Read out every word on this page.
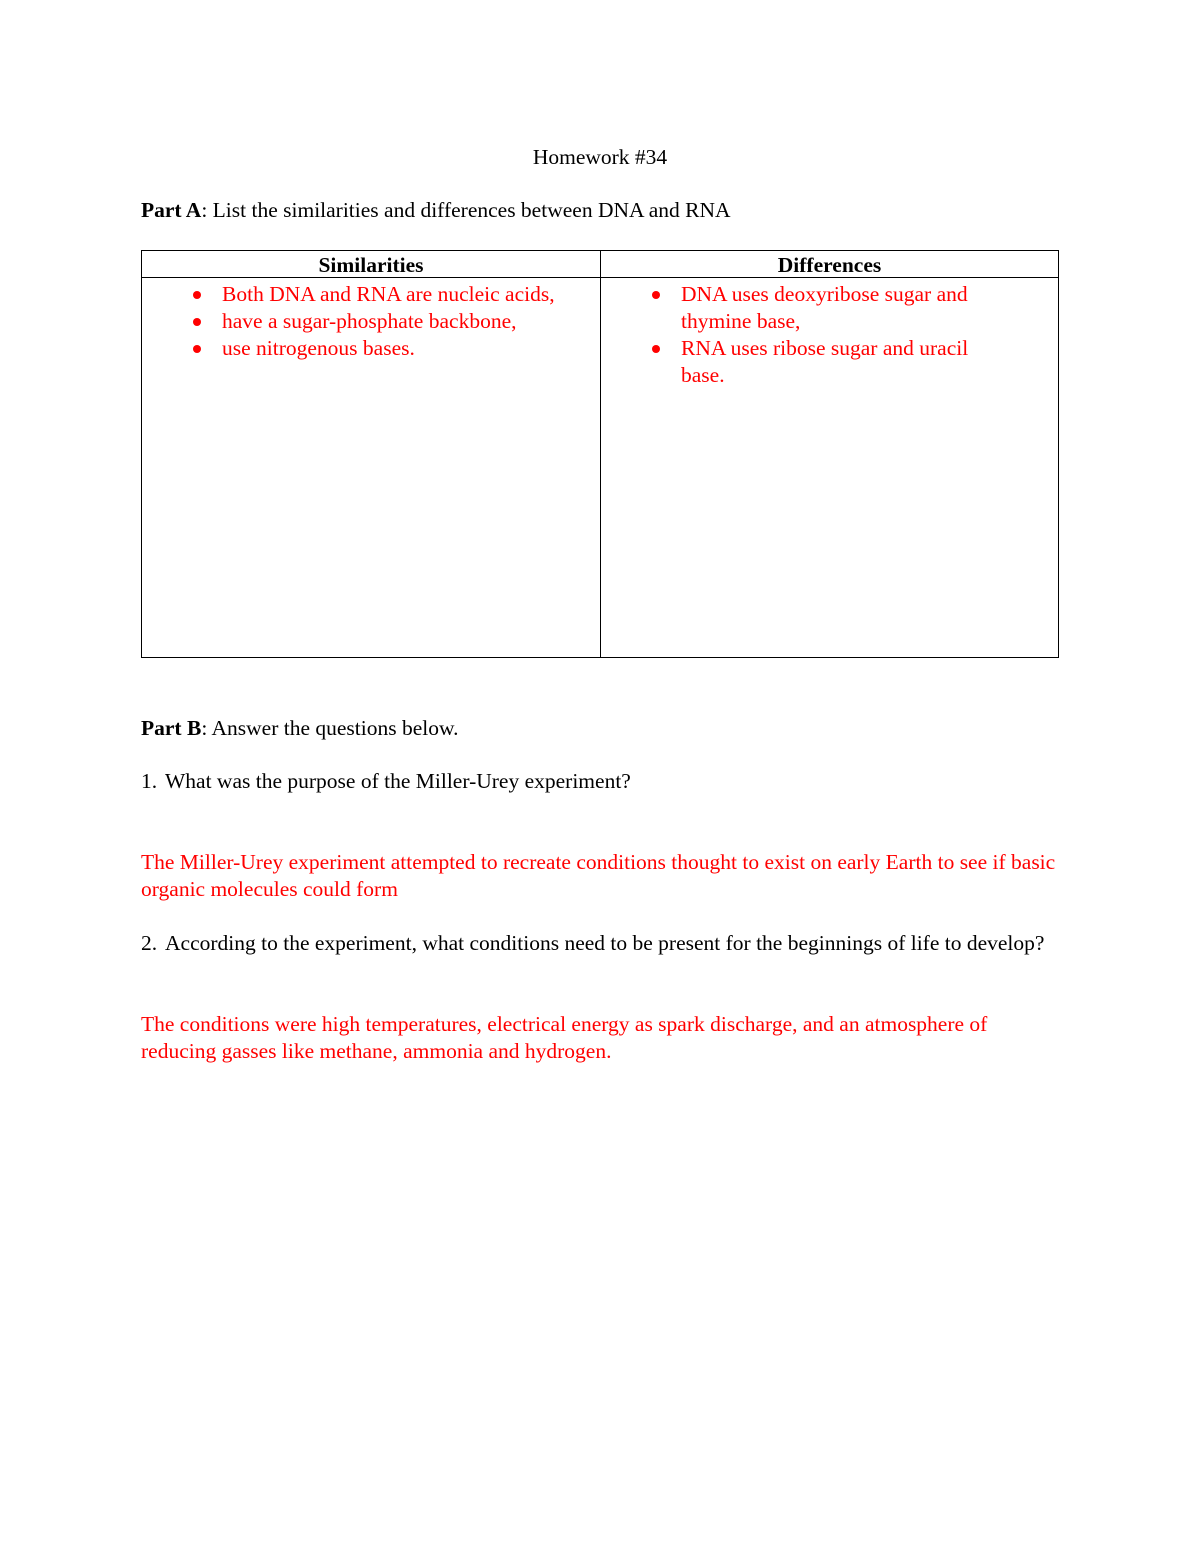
Homework #34
Part A: List the similarities and differences between DNA and RNA
Similarities	Differences
Both DNA and RNA are nucleic acids,
have a sugar-phosphate backbone,
use nitrogenous bases.
DNA uses deoxyribose sugar and thymine base,
RNA uses ribose sugar and uracil base.
Part B: Answer the questions below.
1. What was the purpose of the Miller-Urey experiment?
The Miller-Urey experiment attempted to recreate conditions thought to exist on early Earth to see if basic organic molecules could form
2. According to the experiment, what conditions need to be present for the beginnings of life to develop?
The conditions were high temperatures, electrical energy as spark discharge, and an atmosphere of reducing gasses like methane, ammonia and hydrogen.
